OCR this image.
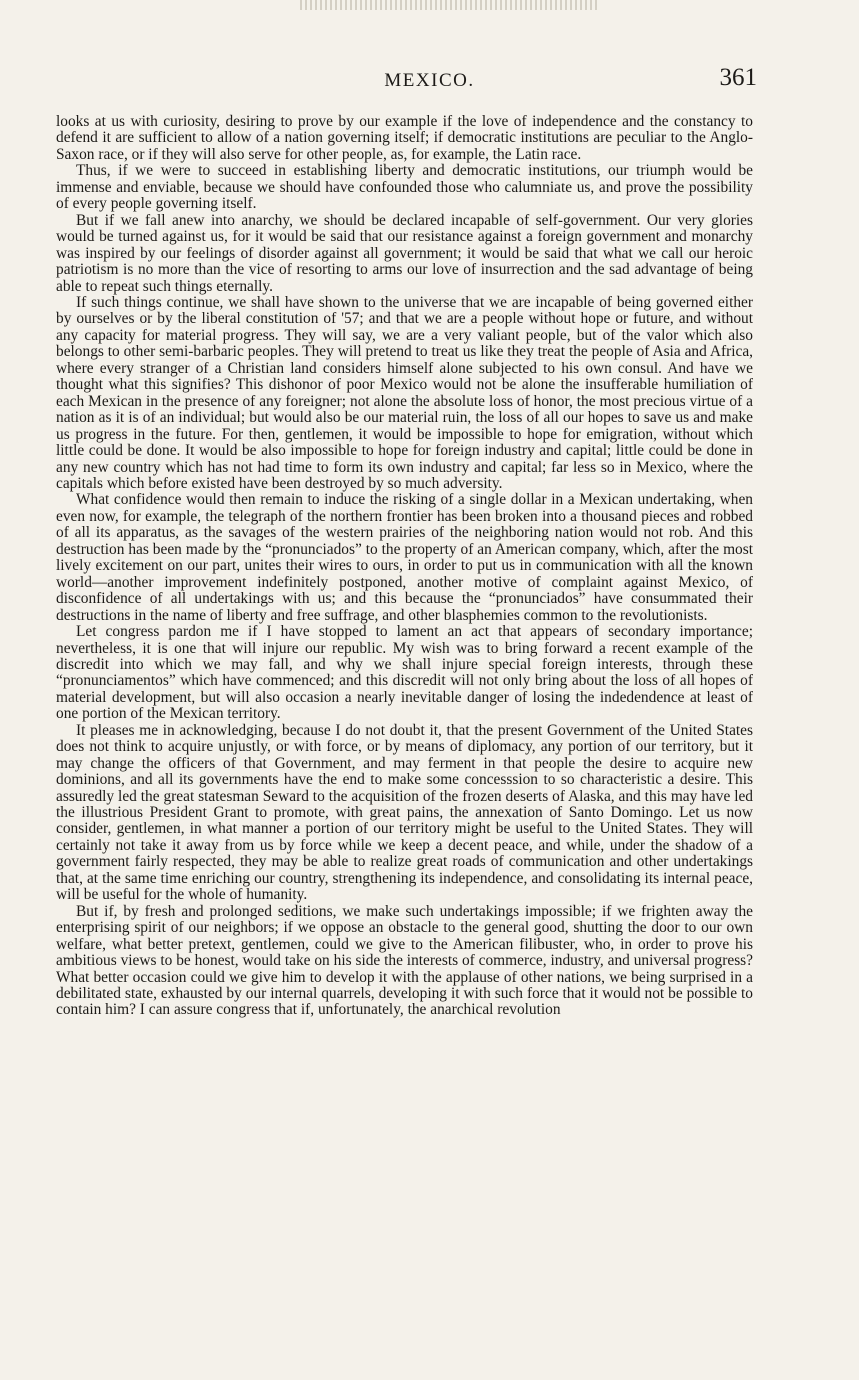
MEXICO.	361

looks at us with curiosity, desiring to prove by our example if the love of independence and the constancy to defend it are sufficient to allow of a nation governing itself; if democratic institutions are peculiar to the Anglo-Saxon race, or if they will also serve for other people, as, for example, the Latin race.

Thus, if we were to succeed in establishing liberty and democratic institutions, our triumph would be immense and enviable, because we should have confounded those who calumniate us, and prove the possibility of every people governing itself.

But if we fall anew into anarchy, we should be declared incapable of self-government. Our very glories would be turned against us, for it would be said that our resistance against a foreign government and monarchy was inspired by our feelings of disorder against all government; it would be said that what we call our heroic patriotism is no more than the vice of resorting to arms our love of insurrection and the sad advantage of being able to repeat such things eternally.

If such things continue, we shall have shown to the universe that we are incapable of being governed either by ourselves or by the liberal constitution of '57; and that we are a people without hope or future, and without any capacity for material progress. They will say, we are a very valiant people, but of the valor which also belongs to other semi-barbaric peoples. They will pretend to treat us like they treat the people of Asia and Africa, where every stranger of a Christian land considers himself alone subjected to his own consul. And have we thought what this signifies? This dishonor of poor Mexico would not be alone the insufferable humiliation of each Mexican in the presence of any foreigner; not alone the absolute loss of honor, the most precious virtue of a nation as it is of an individual; but would also be our material ruin, the loss of all our hopes to save us and make us progress in the future. For then, gentlemen, it would be impossible to hope for emigration, without which little could be done. It would be also impossible to hope for foreign industry and capital; little could be done in any new country which has not had time to form its own industry and capital; far less so in Mexico, where the capitals which before existed have been destroyed by so much adversity.

What confidence would then remain to induce the risking of a single dollar in a Mexican undertaking, when even now, for example, the telegraph of the northern frontier has been broken into a thousand pieces and robbed of all its apparatus, as the savages of the western prairies of the neighboring nation would not rob. And this destruction has been made by the “pronunciados” to the property of an American company, which, after the most lively excitement on our part, unites their wires to ours, in order to put us in communication with all the known world—another improvement indefinitely postponed, another motive of complaint against Mexico, of disconfidence of all undertakings with us; and this because the “pronunciados” have consummated their destructions in the name of liberty and free suffrage, and other blasphemies common to the revolutionists.

Let congress pardon me if I have stopped to lament an act that appears of secondary importance; nevertheless, it is one that will injure our republic. My wish was to bring forward a recent example of the discredit into which we may fall, and why we shall injure special foreign interests, through these “pronunciamentos” which have commenced; and this discredit will not only bring about the loss of all hopes of material development, but will also occasion a nearly inevitable danger of losing the indedendence at least of one portion of the Mexican territory.

It pleases me in acknowledging, because I do not doubt it, that the present Government of the United States does not think to acquire unjustly, or with force, or by means of diplomacy, any portion of our territory, but it may change the officers of that Government, and may ferment in that people the desire to acquire new dominions, and all its governments have the end to make some concesssion to so characteristic a desire. This assuredly led the great statesman Seward to the acquisition of the frozen deserts of Alaska, and this may have led the illustrious President Grant to promote, with great pains, the annexation of Santo Domingo. Let us now consider, gentlemen, in what manner a portion of our territory might be useful to the United States. They will certainly not take it away from us by force while we keep a decent peace, and while, under the shadow of a government fairly respected, they may be able to realize great roads of communication and other undertakings that, at the same time enriching our country, strengthening its independence, and consolidating its internal peace, will be useful for the whole of humanity.

But if, by fresh and prolonged seditions, we make such undertakings impossible; if we frighten away the enterprising spirit of our neighbors; if we oppose an obstacle to the general good, shutting the door to our own welfare, what better pretext, gentlemen, could we give to the American filibuster, who, in order to prove his ambitious views to be honest, would take on his side the interests of commerce, industry, and universal progress? What better occasion could we give him to develop it with the applause of other nations, we being surprised in a debilitated state, exhausted by our internal quarrels, developing it with such force that it would not be possible to contain him? I can assure congress that if, unfortunately, the anarchical revolution
